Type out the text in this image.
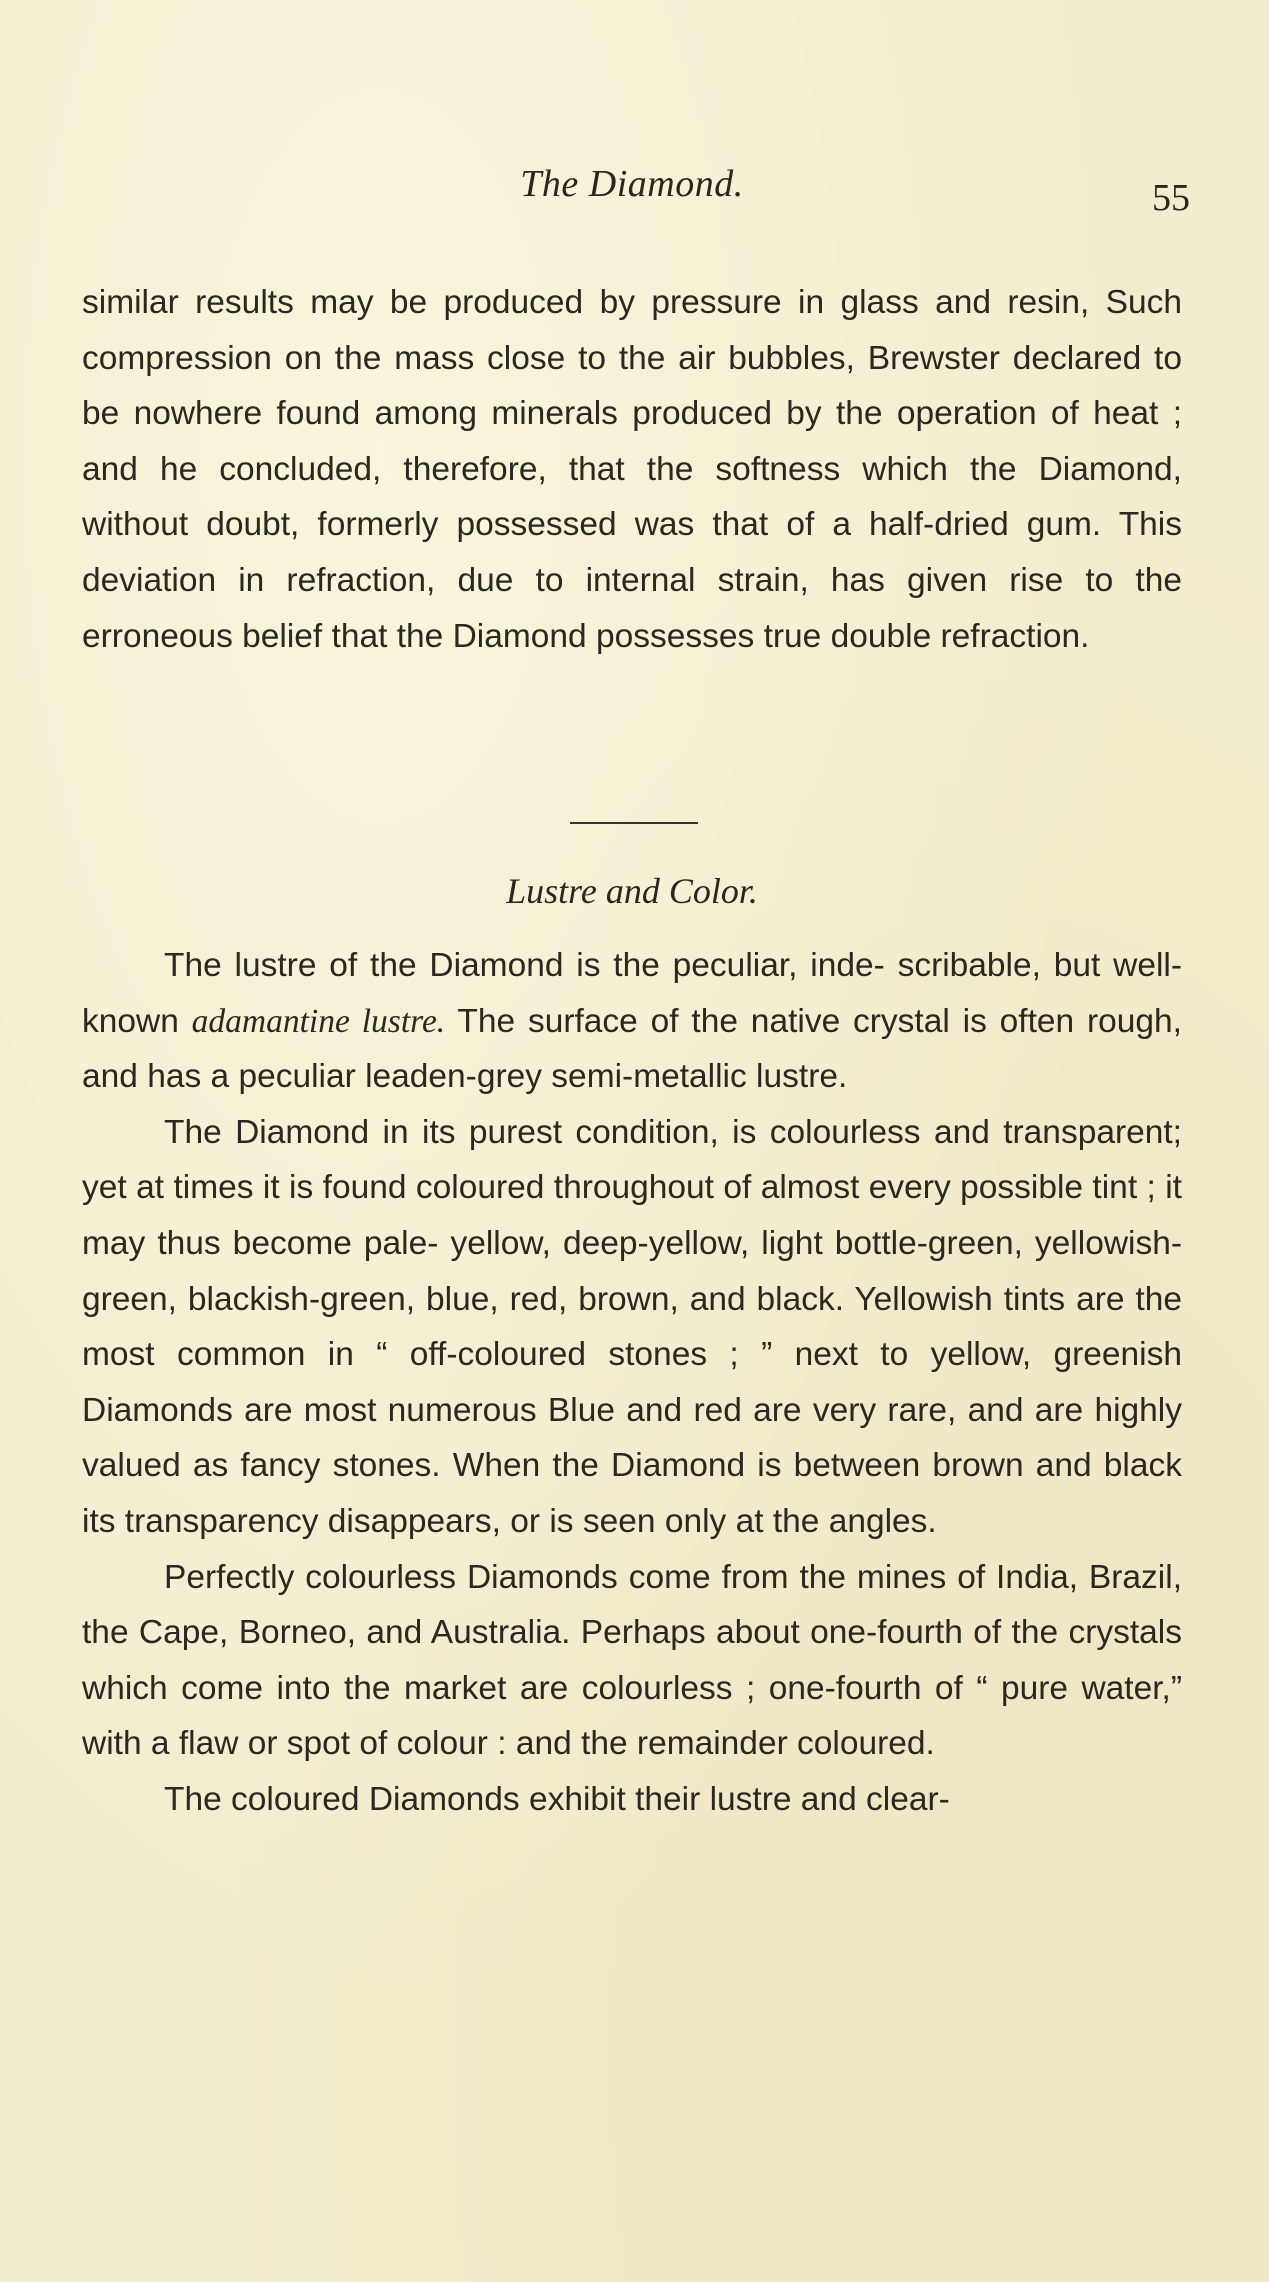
The Diamond.	55

similar results may be produced by pressure in glass and resin, Such compression on the mass close to the air bubbles, Brewster declared to be nowhere found among minerals produced by the operation of heat ; and he concluded, therefore, that the softness which the Diamond, without doubt, formerly possessed was that of a half-dried gum. This deviation in refraction, due to internal strain, has given rise to the erroneous belief that the Diamond possesses true double refraction.

Lustre and Color.

The lustre of the Diamond is the peculiar, inde- scribable, but well-known adamantine lustre. The surface of the native crystal is often rough, and has a peculiar leaden-grey semi-metallic lustre.

The Diamond in its purest condition, is colourless and transparent; yet at times it is found coloured throughout of almost every possible tint ; it may thus become pale- yellow, deep-yellow, light bottle-green, yellowish-green, blackish-green, blue, red, brown, and black. Yellowish tints are the most common in “ off-coloured stones ; ” next to yellow, greenish Diamonds are most numerous Blue and red are very rare, and are highly valued as fancy stones. When the Diamond is between brown and black its transparency disappears, or is seen only at the angles.

Perfectly colourless Diamonds come from the mines of India, Brazil, the Cape, Borneo, and Australia. Perhaps about one-fourth of the crystals which come into the market are colourless ; one-fourth of “ pure water,” with a flaw or spot of colour : and the remainder coloured.

The coloured Diamonds exhibit their lustre and clear-
